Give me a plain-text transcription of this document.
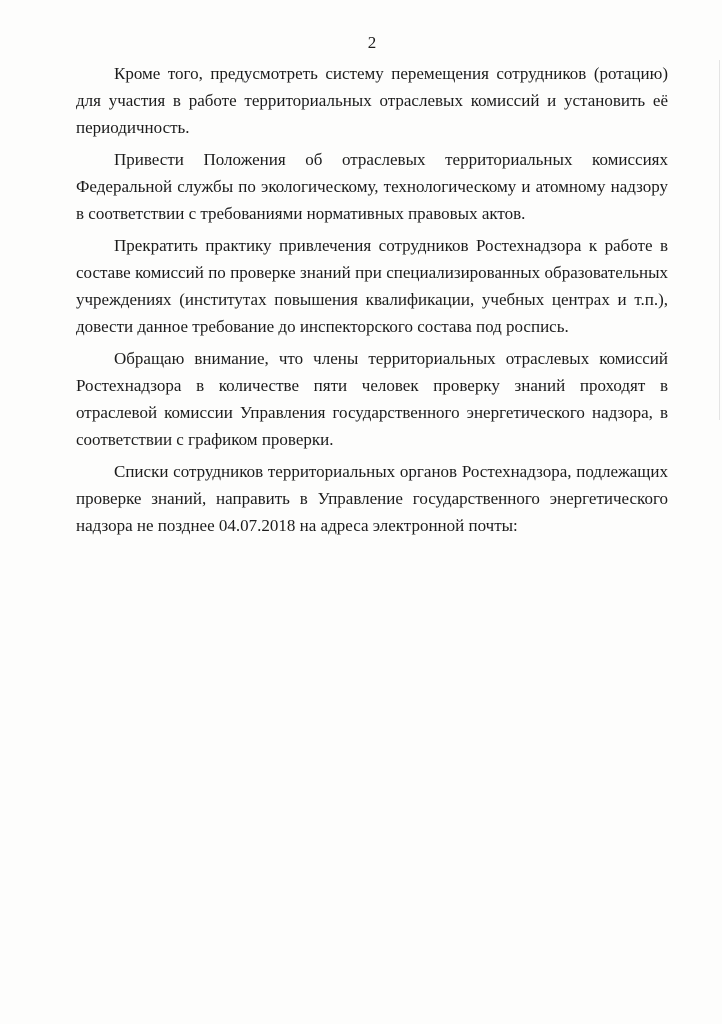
2

Кроме того, предусмотреть систему перемещения сотрудников (ротацию) для участия в работе территориальных отраслевых комиссий и установить её периодичность.

Привести Положения об отраслевых территориальных комиссиях Федеральной службы по экологическому, технологическому и атомному надзору в соответствии с требованиями нормативных правовых актов.

Прекратить практику привлечения сотрудников Ростехнадзора к работе в составе комиссий по проверке знаний при специализированных образовательных учреждениях (институтах повышения квалификации, учебных центрах и т.п.), довести данное требование до инспекторского состава под роспись.

Обращаю внимание, что члены территориальных отраслевых комиссий Ростехнадзора в количестве пяти человек проверку знаний проходят в отраслевой комиссии Управления государственного энергетического надзора, в соответствии с графиком проверки.

Списки сотрудников территориальных органов Ростехнадзора, подлежащих проверке знаний, направить в Управление государственного энергетического надзора не позднее 04.07.2018 на адреса электронной почты:
